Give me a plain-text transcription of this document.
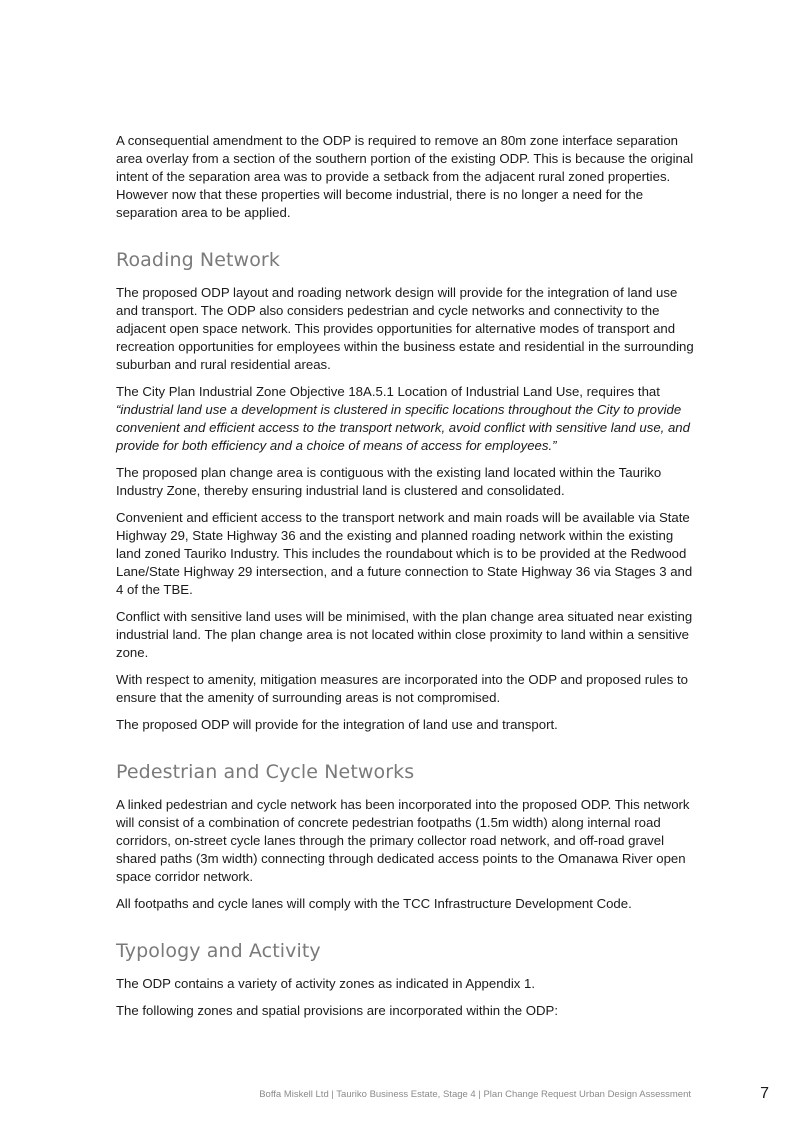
A consequential amendment to the ODP is required to remove an 80m zone interface separation area overlay from a section of the southern portion of the existing ODP. This is because the original intent of the separation area was to provide a setback from the adjacent rural zoned properties. However now that these properties will become industrial, there is no longer a need for the separation area to be applied.

Roading Network

The proposed ODP layout and roading network design will provide for the integration of land use and transport. The ODP also considers pedestrian and cycle networks and connectivity to the adjacent open space network. This provides opportunities for alternative modes of transport and recreation opportunities for employees within the business estate and residential in the surrounding suburban and rural residential areas.

The City Plan Industrial Zone Objective 18A.5.1 Location of Industrial Land Use, requires that “industrial land use a development is clustered in specific locations throughout the City to provide convenient and efficient access to the transport network, avoid conflict with sensitive land use, and provide for both efficiency and a choice of means of access for employees.”

The proposed plan change area is contiguous with the existing land located within the Tauriko Industry Zone, thereby ensuring industrial land is clustered and consolidated.

Convenient and efficient access to the transport network and main roads will be available via State Highway 29, State Highway 36 and the existing and planned roading network within the existing land zoned Tauriko Industry. This includes the roundabout which is to be provided at the Redwood Lane/State Highway 29 intersection, and a future connection to State Highway 36 via Stages 3 and 4 of the TBE.

Conflict with sensitive land uses will be minimised, with the plan change area situated near existing industrial land. The plan change area is not located within close proximity to land within a sensitive zone.

With respect to amenity, mitigation measures are incorporated into the ODP and proposed rules to ensure that the amenity of surrounding areas is not compromised.

The proposed ODP will provide for the integration of land use and transport.

Pedestrian and Cycle Networks

A linked pedestrian and cycle network has been incorporated into the proposed ODP. This network will consist of a combination of concrete pedestrian footpaths (1.5m width) along internal road corridors, on-street cycle lanes through the primary collector road network, and off-road gravel shared paths (3m width) connecting through dedicated access points to the Omanawa River open space corridor network.

All footpaths and cycle lanes will comply with the TCC Infrastructure Development Code.

Typology and Activity

The ODP contains a variety of activity zones as indicated in Appendix 1.

The following zones and spatial provisions are incorporated within the ODP:

Boffa Miskell Ltd | Tauriko Business Estate, Stage 4 | Plan Change Request Urban Design Assessment	7
